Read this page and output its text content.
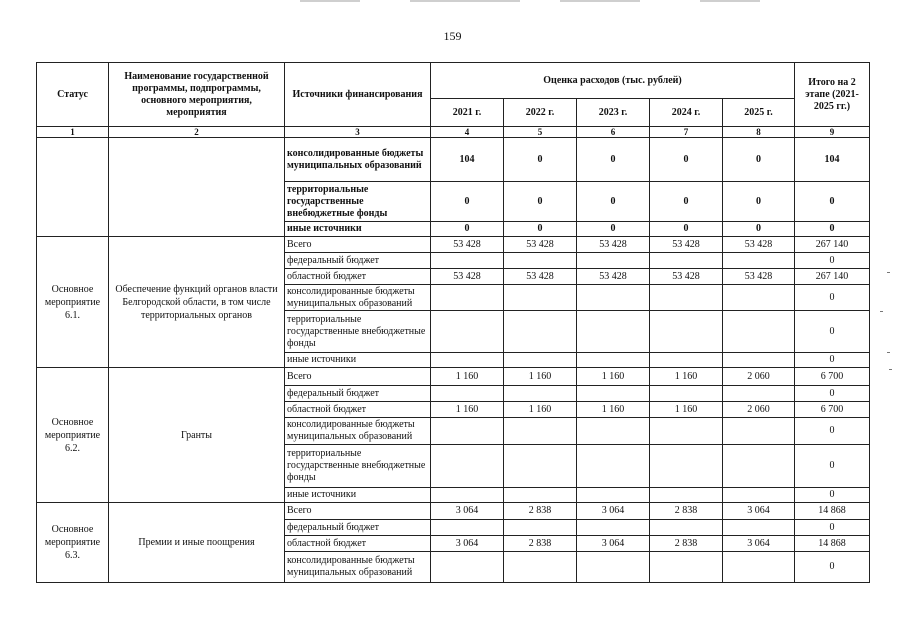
159
Статус	Наименование государственной программы, подпрограммы, основного мероприятия, мероприятия	Источники финансирования	Оценка расходов (тыс. рублей)					Итого на 2 этапе (2021-2025 гг.)
			2021 г.	2022 г.	2023 г.	2024 г.	2025 г.	
1	2	3	4	5	6	7	8	9
		консолидированные бюджеты муниципальных образований	104	0	0	0	0	104
		территориальные государственные внебюджетные фонды	0	0	0	0	0	0
		иные источники	0	0	0	0	0	0
Основное мероприятие 6.1.	Обеспечение функций органов власти Белгородской области, в том числе территориальных органов	Всего	53 428	53 428	53 428	53 428	53 428	267 140
		федеральный бюджет						0
		областной бюджет	53 428	53 428	53 428	53 428	53 428	267 140
		консолидированные бюджеты муниципальных образований						0
		территориальные государственные внебюджетные фонды						0
		иные источники						0
Основное мероприятие 6.2.	Гранты	Всего	1 160	1 160	1 160	1 160	2 060	6 700
		федеральный бюджет						0
		областной бюджет	1 160	1 160	1 160	1 160	2 060	6 700
		консолидированные бюджеты муниципальных образований						0
		территориальные государственные внебюджетные фонды						0
		иные источники						0
Основное мероприятие 6.3.	Премии и иные поощрения	Всего	3 064	2 838	3 064	2 838	3 064	14 868
		федеральный бюджет						0
		областной бюджет	3 064	2 838	3 064	2 838	3 064	14 868
		консолидированные бюджеты муниципальных образований						0
